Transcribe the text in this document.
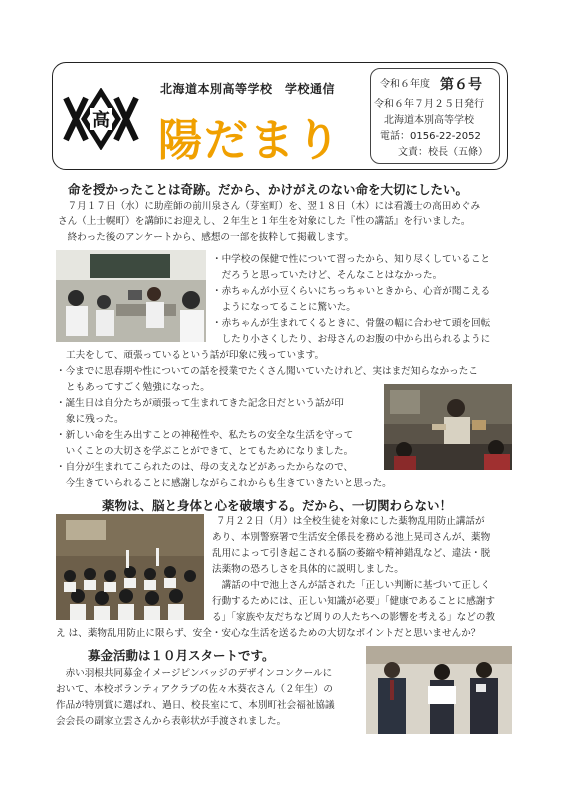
高
北海道本別高等学校　学校通信
陽だまり
令和６年度 第６号
令和６年７月２５日発行
北海道本別高等学校
電話：0156-22-2052
文責：校長（五條）
命を授かったことは奇跡。だから、かけがえのない命を大切にしたい。
　７月１７日（水）に助産師の前川泉さん（芽室町）を、翌１８日（木）には看護士の高田めぐみ
さん（上士幌町）を講師にお迎えし、２年生と１年生を対象にした『性の講話』を行いました。
　終わった後のアンケートから、感想の一部を抜粋して掲載します。
・中学校の保健で性について習ったから、知り尽くしていること
　だろうと思っていたけど、そんなことはなかった。
・赤ちゃんが小豆くらいにちっちゃいときから、心音が聞こえる
　ようになってることに驚いた。
・赤ちゃんが生まれてくるときに、骨盤の幅に合わせて頭を回転
　したり小さくしたり、お母さんのお腹の中から出られるように
工夫をして、頑張っているという話が印象に残っています。
・今までに思春期や性についての話を授業でたくさん聞いていたけれど、実はまだ知らなかったこ
ともあってすごく勉強になった。
・誕生日は自分たちが頑張って生まれてきた記念日だという話が印
象に残った。
・新しい命を生み出すことの神秘性や、私たちの安全な生活を守って
　いくことの大切さを学ぶことができて、とてもためになりました。
・自分が生まれてこられたのは、母の支えなどがあったからなので、
　今生きていられることに感謝しながらこれからも生きていきたいと思った。
薬物は、脳と身体と心を破壊する。だから、一切関わらない！
７月２２日（月）は全校生徒を対象にした薬物乱用防止講話が
あり、本別警察署で生活安全係長を務める池上晃司さんが、薬物
乱用によって引き起こされる脳の萎縮や精神錯乱など、違法・脱
法薬物の恐ろしさを具体的に説明しました。
　講話の中で池上さんが話された「正しい判断に基づいて正しく
行動するためには、正しい知識が必要」「健康であることに感謝す
る」「家族や友だちなど周りの人たちへの影響を考える」などの教
え は、薬物乱用防止に限らず、安全・安心な生活を送るための大切なポイントだと思いませんか？
募金活動は１０月スタートです。
　赤い羽根共同募金イメージピンバッジのデザインコンクールに
おいて、本校ボランティアクラブの佐々木葵衣さん（２年生）の
作品が特別賞に選ばれ、過日、校長室にて、本別町社会福祉協議
会会長の副家立雲さんから表彰状が手渡されました。
